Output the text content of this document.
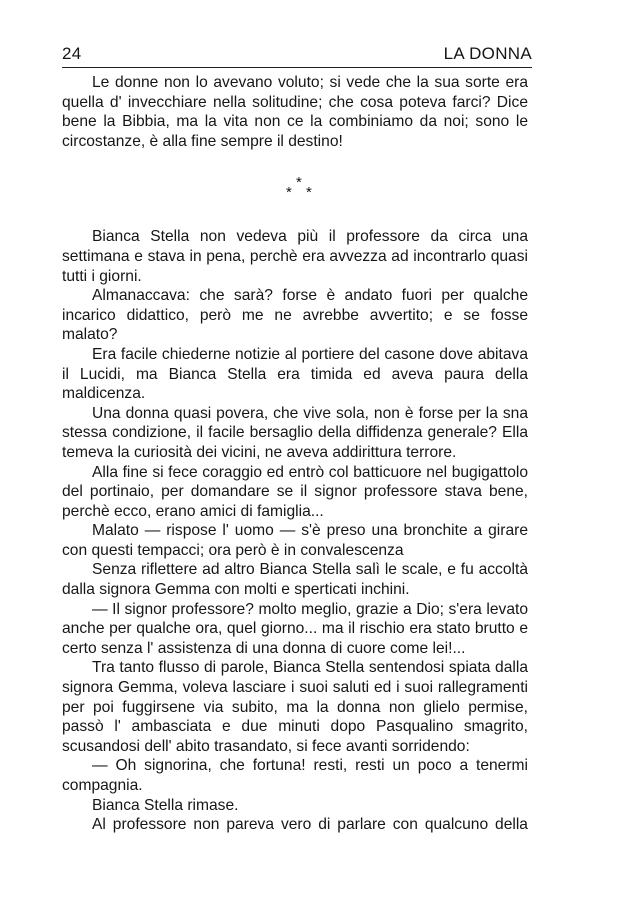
24	LA DONNA

Le donne non lo avevano voluto; si vede che la sua sorte era quella d' invecchiare nella solitudine; che cosa poteva farci? Dice bene la Bibbia, ma la vita non ce la combiniamo da noi; sono le circostanze, è alla fine sempre il destino!

*
* *

Bianca Stella non vedeva più il professore da circa una settimana e stava in pena, perchè era avvezza ad incontrarlo quasi tutti i giorni.

Almanaccava: che sarà? forse è andato fuori per qualche incarico didattico, però me ne avrebbe avvertito; e se fosse malato?

Era facile chiederne notizie al portiere del casone dove abitava il Lucidi, ma Bianca Stella era timida ed aveva paura della maldicenza.

Una donna quasi povera, che vive sola, non è forse per la sna stessa condizione, il facile bersaglio della diffidenza generale? Ella temeva la curiosità dei vicini, ne aveva addirittura terrore.

Alla fine si fece coraggio ed entrò col batticuore nel bugigattolo del portinaio, per domandare se il signor professore stava bene, perchè ecco, erano amici di famiglia...

Malato — rispose l' uomo — s'è preso una bronchite a girare con questi tempacci; ora però è in convalescenza

Senza riflettere ad altro Bianca Stella salì le scale, e fu accoltà dalla signora Gemma con molti e sperticati inchini.

— Il signor professore? molto meglio, grazie a Dio; s'era levato anche per qualche ora, quel giorno... ma il rischio era stato brutto e certo senza l' assistenza di una donna di cuore come lei!...

Tra tanto flusso di parole, Bianca Stella sentendosi spiata dalla signora Gemma, voleva lasciare i suoi saluti ed i suoi rallegramenti per poi fuggirsene via subito, ma la donna non glielo permise, passò l' ambasciata e due minuti dopo Pasqualino smagrito, scusandosi dell' abito trasandato, si fece avanti sorridendo:

— Oh signorina, che fortuna! resti, resti un poco a tenermi compagnia.

Bianca Stella rimase.

Al professore non pareva vero di parlare con qualcuno della
